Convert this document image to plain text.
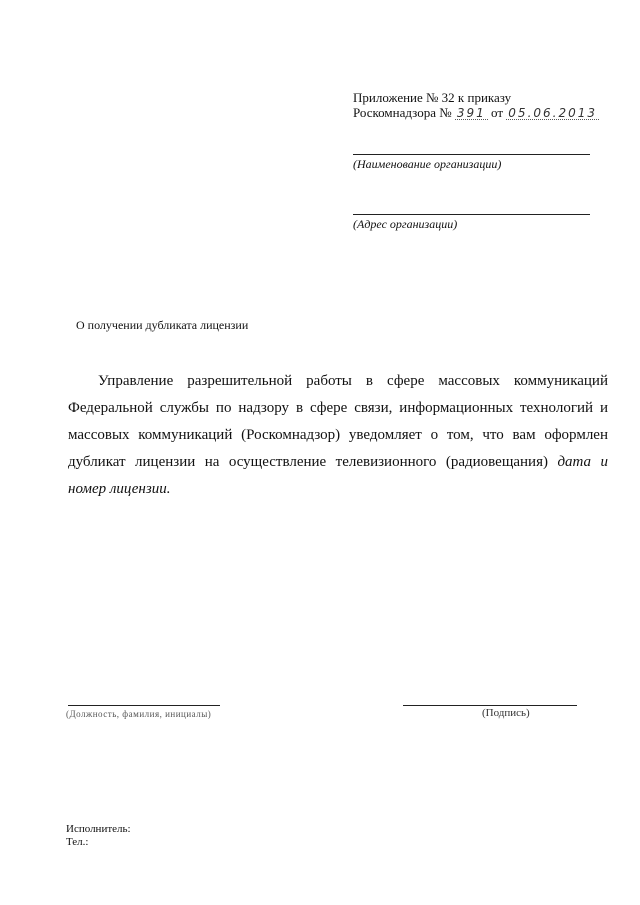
Приложение № 32 к приказу
Роскомнадзора № 391 от 05.06.2013
(Наименование организации)
(Адрес организации)
О получении дубликата лицензии
Управление разрешительной работы в сфере массовых коммуникаций Федеральной службы по надзору в сфере связи, информационных технологий и массовых коммуникаций (Роскомнадзор) уведомляет о том, что вам оформлен дубликат лицензии на осуществление телевизионного (радиовещания) дата и номер лицензии.
(Должность, фамилия, инициалы)	(Подпись)
Исполнитель:
Тел.:
